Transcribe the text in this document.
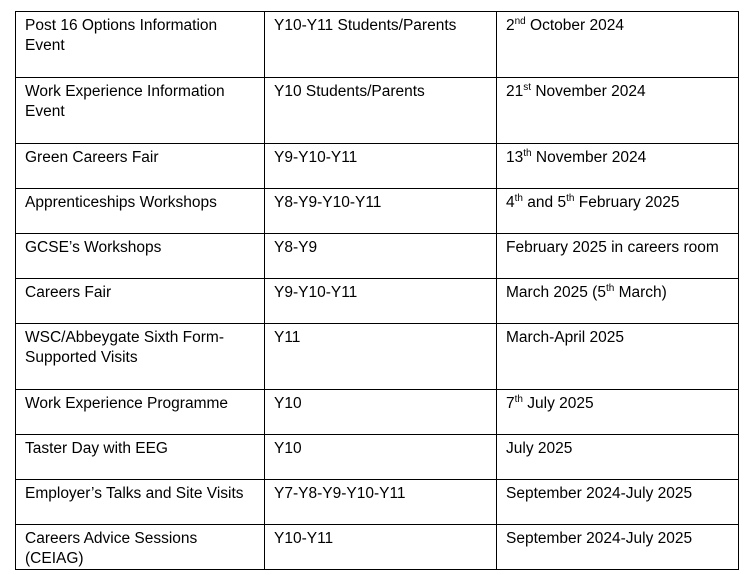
Post 16 Options Information Event	Y10-Y11 Students/Parents	2nd October 2024
Work Experience Information Event	Y10 Students/Parents	21st November 2024
Green Careers Fair	Y9-Y10-Y11	13th November 2024
Apprenticeships Workshops	Y8-Y9-Y10-Y11	4th and 5th February 2025
GCSE’s Workshops	Y8-Y9	February 2025 in careers room
Careers Fair	Y9-Y10-Y11	March 2025 (5th March)
WSC/Abbeygate Sixth Form-Supported Visits	Y11	March-April 2025
Work Experience Programme	Y10	7th July 2025
Taster Day with EEG	Y10	July 2025
Employer’s Talks and Site Visits	Y7-Y8-Y9-Y10-Y11	September 2024-July 2025
Careers Advice Sessions (CEIAG)	Y10-Y11	September 2024-July 2025
